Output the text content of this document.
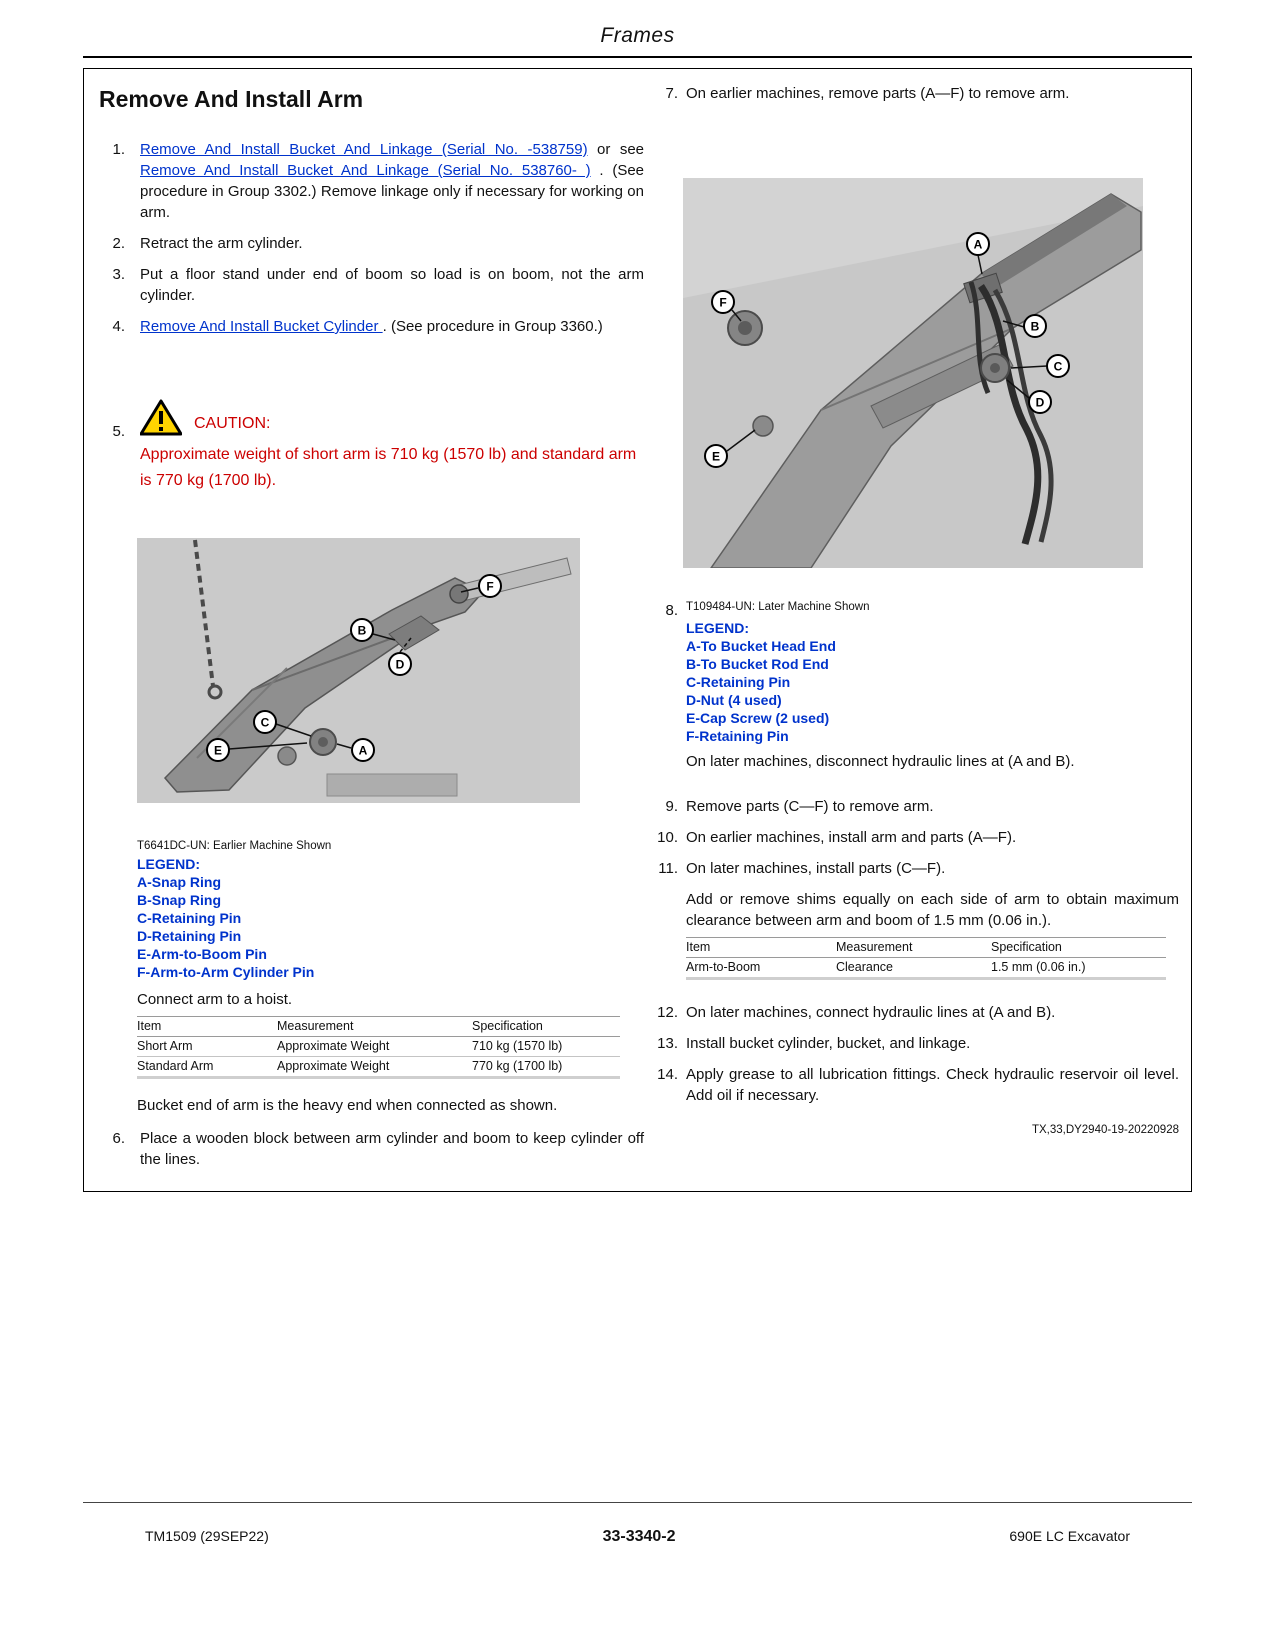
Frames
Remove And Install Arm
1. Remove And Install Bucket And Linkage (Serial No. -538759) or see Remove And Install Bucket And Linkage (Serial No. 538760- ) . (See procedure in Group 3302.) Remove linkage only if necessary for working on arm.
2. Retract the arm cylinder.
3. Put a floor stand under end of boom so load is on boom, not the arm cylinder.
4. Remove And Install Bucket Cylinder . (See procedure in Group 3360.)
5.	CAUTION:
Approximate weight of short arm is 710 kg (1570 lb) and standard arm is 770 kg (1700 lb).
F
B
D
C
E	A
T6641DC-UN: Earlier Machine Shown
LEGEND:
A-Snap Ring
B-Snap Ring
C-Retaining Pin
D-Retaining Pin
E-Arm-to-Boom Pin
F-Arm-to-Arm Cylinder Pin
Connect arm to a hoist.
Item	Measurement	Specification
Short Arm	Approximate Weight	710 kg (1570 lb)
Standard Arm	Approximate Weight	770 kg (1700 lb)
Bucket end of arm is the heavy end when connected as shown.
6. Place a wooden block between arm cylinder and boom to keep cylinder off the lines.
7. On earlier machines, remove parts (A—F) to remove arm.
A
F
B
C
D
E
8. T109484-UN: Later Machine Shown
LEGEND:
A-To Bucket Head End
B-To Bucket Rod End
C-Retaining Pin
D-Nut (4 used)
E-Cap Screw (2 used)
F-Retaining Pin
On later machines, disconnect hydraulic lines at (A and B).
9. Remove parts (C—F) to remove arm.
10. On earlier machines, install arm and parts (A—F).
11. On later machines, install parts (C—F).
Add or remove shims equally on each side of arm to obtain maximum clearance between arm and boom of 1.5 mm (0.06 in.).
Item	Measurement	Specification
Arm-to-Boom	Clearance	1.5 mm (0.06 in.)
12. On later machines, connect hydraulic lines at (A and B).
13. Install bucket cylinder, bucket, and linkage.
14. Apply grease to all lubrication fittings. Check hydraulic reservoir oil level. Add oil if necessary.
TX,33,DY2940-19-20220928
TM1509 (29SEP22)	33-3340-2	690E LC Excavator
